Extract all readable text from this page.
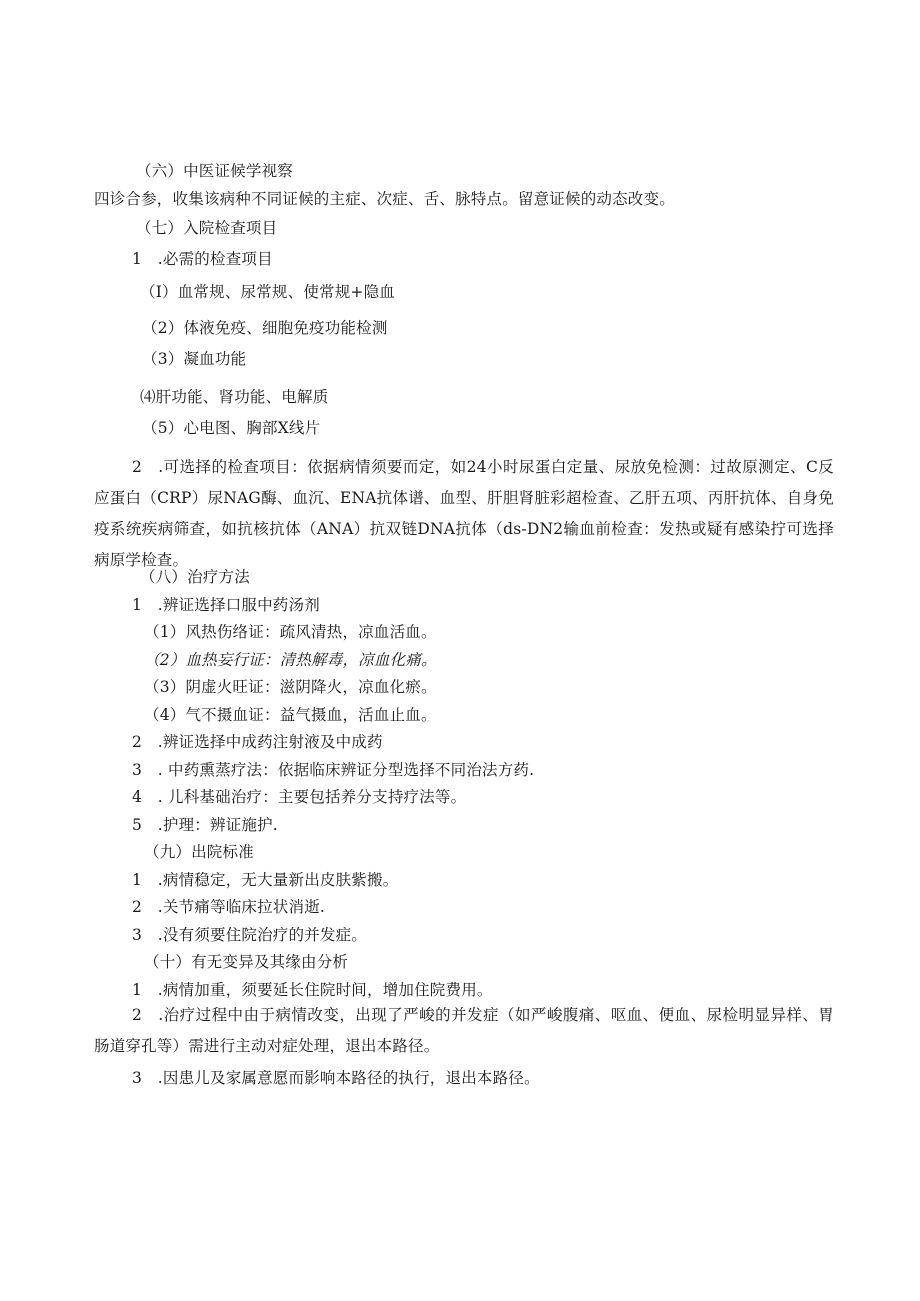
（六）中医证候学视察
四诊合参，收集该病种不同证候的主症、次症、舌、脉特点。留意证候的动态改变。
（七）入院检查项目
1　.必需的检查项目
（I）血常规、尿常规、使常规+隐血
（2）体液免疫、细胞免疫功能检测
（3）凝血功能
⑷肝功能、肾功能、电解质
（5）心电图、胸部X线片
2　.可选择的检查项目：依据病情须要而定，如24小时尿蛋白定量、尿放免检测：过故原测定、C反应蛋白（CRP）尿NAG酶、血沉、ENA抗体谱、血型、肝胆肾脏彩超检查、乙肝五项、丙肝抗体、自身免疫系统疾病筛查，如抗核抗体（ANA）抗双链DNA抗体（ds-DN2输血前检查：发热或疑有感染拧可选择病原学检查。
（八）治疗方法
1　.辨证选择口服中药汤剂
（1）风热伤络证：疏风清热，凉血活血。
（2）血热妄行证：清热解毒，凉血化痛。
（3）阴虚火旺证：滋阴降火，凉血化瘀。
（4）气不摄血证：益气摄血，活血止血。
2　.辨证选择中成药注射液及中成药
3　. 中药熏蒸疗法：依据临床辨证分型选择不同治法方药.
4　. 儿科基础治疗：主要包括养分支持疗法等。
5　.护理：辨证施护.
（九）出院标准
1　.病情稳定，无大量新出皮肤紫搬。
2　.关节痛等临床拉状消逝.
3　.没有须要住院治疗的并发症。
（十）有无变异及其缘由分析
1　.病情加重，须要延长住院时间，增加住院费用。
2　.治疗过程中由于病情改变，出现了严峻的并发症（如严峻腹痛、呕血、便血、尿检明显异样、胃肠道穿孔等）需进行主动对症处理，退出本路径。
3　.因患儿及家属意愿而影响本路径的执行，退出本路径。
